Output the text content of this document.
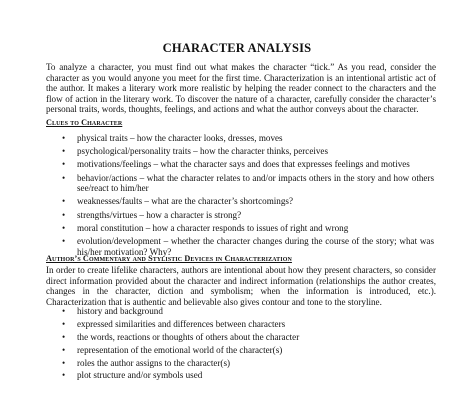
CHARACTER ANALYSIS
To analyze a character, you must find out what makes the character “tick.” As you read, consider the character as you would anyone you meet for the first time. Characterization is an intentional artistic act of the author. It makes a literary work more realistic by helping the reader connect to the characters and the flow of action in the literary work. To discover the nature of a character, carefully consider the character’s personal traits, words, thoughts, feelings, and actions and what the author conveys about the character.
Clues to Character
• physical traits – how the character looks, dresses, moves
• psychological/personality traits – how the character thinks, perceives
• motivations/feelings – what the character says and does that expresses feelings and motives
• behavior/actions – what the character relates to and/or impacts others in the story and how others see/react to him/her
• weaknesses/faults – what are the character’s shortcomings?
• strengths/virtues – how a character is strong?
• moral constitution – how a character responds to issues of right and wrong
• evolution/development – whether the character changes during the course of the story; what was his/her motivation? Why?
Author’s Commentary and Stylistic Devices in Characterization
In order to create lifelike characters, authors are intentional about how they present characters, so consider direct information provided about the character and indirect information (relationships the author creates, changes in the character, diction and symbolism; when the information is introduced, etc.). Characterization that is authentic and believable also gives contour and tone to the storyline.
• history and background
• expressed similarities and differences between characters
• the words, reactions or thoughts of others about the character
• representation of the emotional world of the character(s)
• roles the author assigns to the character(s)
• plot structure and/or symbols used
